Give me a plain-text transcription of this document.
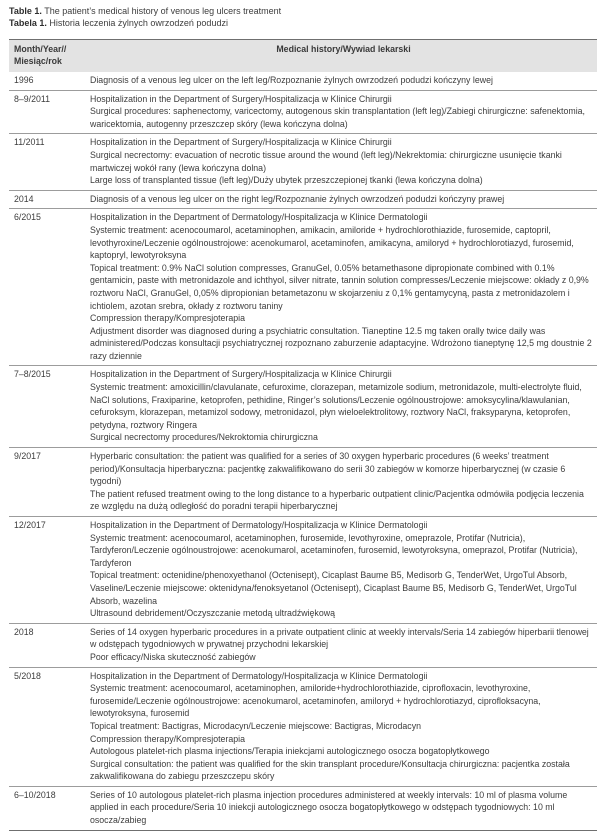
Table 1. The patient’s medical history of venous leg ulcers treatment
Tabela 1. Historia leczenia żylnych owrzodzeń podudzi
Month/Year//
Miesiąc/rok
Medical history/Wywiad lekarski
1996	Diagnosis of a venous leg ulcer on the left leg/Rozpoznanie żylnych owrzodzeń podudzi kończyny lewej

8–9/2011	Hospitalization in the Department of Surgery/Hospitalizacja w Klinice Chirurgii

Surgical procedures: saphenectomy, varicectomy, autogenous skin transplantation (left leg)/Zabiegi chirurgiczne: safenektomia, waricektomia, autogenny przeszczep skóry (lewa kończyna dolna)

11/2011	Hospitalization in the Department of Surgery/Hospitalizacja w Klinice Chirurgii

Surgical necrectomy: evacuation of necrotic tissue around the wound (left leg)/Nekrektomia: chirurgiczne usunięcie tkanki martwiczej wokół rany (lewa kończyna dolna)

Large loss of transplanted tissue (left leg)/Duży ubytek przeszczepionej tkanki (lewa kończyna dolna)

2014	Diagnosis of a venous leg ulcer on the right leg/Rozpoznanie żylnych owrzodzeń podudzi kończyny prawej

6/2015	Hospitalization in the Department of Dermatology/Hospitalizacja w Klinice Dermatologii

Systemic treatment: acenocoumarol, acetaminophen, amikacin, amiloride + hydrochlorothiazide, furosemide, captopril, levothyroxine/Leczenie ogólnoustrojowe: acenokumarol, acetaminofen, amikacyna, amiloryd + hydrochlorotiazyd, furosemid, kaptopryl, lewotyroksyna

Topical treatment: 0.9% NaCl solution compresses, GranuGel, 0.05% betamethasone dipropionate combined with 0.1% gentamicin, paste with metronidazole and ichthyol, silver nitrate, tannin solution compresses/Leczenie miejscowe: okłady z 0,9% roztworu NaCl, GranuGel, 0,05% dipropionian betametazonu w skojarzeniu z 0,1% gentamycyną, pasta z metronidazolem i ichtiolem, azotan srebra, okłady z roztworu taniny

Compression therapy/Kompresjoterapia

Adjustment disorder was diagnosed during a psychiatric consultation. Tianeptine 12.5 mg taken orally twice daily was administered/Podczas konsultacji psychiatrycznej rozpoznano zaburzenie adaptacyjne. Wdrożono tianeptynę 12,5 mg doustnie 2 razy dziennie

7–8/2015	Hospitalization in the Department of Surgery/Hospitalizacja w Klinice Chirurgii

Systemic treatment: amoxicillin/clavulanate, cefuroxime, clorazepan, metamizole sodium, metronidazole, multi-electrolyte fluid, NaCl solutions, Fraxiparine, ketoprofen, pethidine, Ringer’s solutions/Leczenie ogólnoustrojowe: amoksycylina/klawulanian, cefuroksym, klorazepan, metamizol sodowy, metronidazol, płyn wieloelektrolitowy, roztwory NaCl, fraksyparyna, ketoprofen, petydyna, roztwory Ringera

Surgical necrectomy procedures/Nekroktomia chirurgiczna

9/2017	Hyperbaric consultation: the patient was qualified for a series of 30 oxygen hyperbaric procedures (6 weeks’ treatment period)/Konsultacja hiperbaryczna: pacjentkę zakwalifikowano do serii 30 zabiegów w komorze hiperbarycznej (w czasie 6 tygodni)

The patient refused treatment owing to the long distance to a hyperbaric outpatient clinic/Pacjentka odmówiła podjęcia leczenia ze względu na dużą odległość do poradni terapii hiperbarycznej

12/2017	Hospitalization in the Department of Dermatology/Hospitalizacja w Klinice Dermatologii

Systemic treatment: acenocoumarol, acetaminophen, furosemide, levothyroxine, omeprazole, Protifar (Nutricia), Tardyferon/Leczenie ogólnoustrojowe: acenokumarol, acetaminofen, furosemid, lewotyroksyna, omeprazol, Protifar (Nutricia), Tardyferon

Topical treatment: octenidine/phenoxyethanol (Octenisept), Cicaplast Baume B5, Medisorb G, TenderWet, UrgoTul Absorb, Vaseline/Leczenie miejscowe: oktenidyna/fenoksyetanol (Octenisept), Cicaplast Baume B5, Medisorb G, TenderWet, UrgoTul Absorb, wazelina

Ultrasound debridement/Oczyszczanie metodą ultradźwiękową

2018	Series of 14 oxygen hyperbaric procedures in a private outpatient clinic at weekly intervals/Seria 14 zabiegów hiperbarii tlenowej w odstępach tygodniowych w prywatnej przychodni lekarskiej

Poor efficacy/Niska skuteczność zabiegów

5/2018	Hospitalization in the Department of Dermatology/Hospitalizacja w Klinice Dermatologii

Systemic treatment: acenocoumarol, acetaminophen, amiloride+hydrochlorothiazide, ciprofloxacin, levothyroxine, furosemide/Leczenie ogólnoustrojowe: acenokumarol, acetaminofen, amiloryd + hydrochlorotiazyd, ciprofloksacyna, lewotyroksyna, furosemid

Topical treatment: Bactigras, Microdacyn/Leczenie miejscowe: Bactigras, Microdacyn

Compression therapy/Kompresjoterapia

Autologous platelet-rich plasma injections/Terapia iniekcjami autologicznego osocza bogatopłytkowego

Surgical consultation: the patient was qualified for the skin transplant procedure/Konsultacja chirurgiczna: pacjentka została zakwalifikowana do zabiegu przeszczepu skóry

6–10/2018	Series of 10 autologous platelet-rich plasma injection procedures administered at weekly intervals: 10 ml of plasma volume applied in each procedure/Seria 10 iniekcji autologicznego osocza bogatopłytkowego w odstępach tygodniowych: 10 ml osocza/zabieg
